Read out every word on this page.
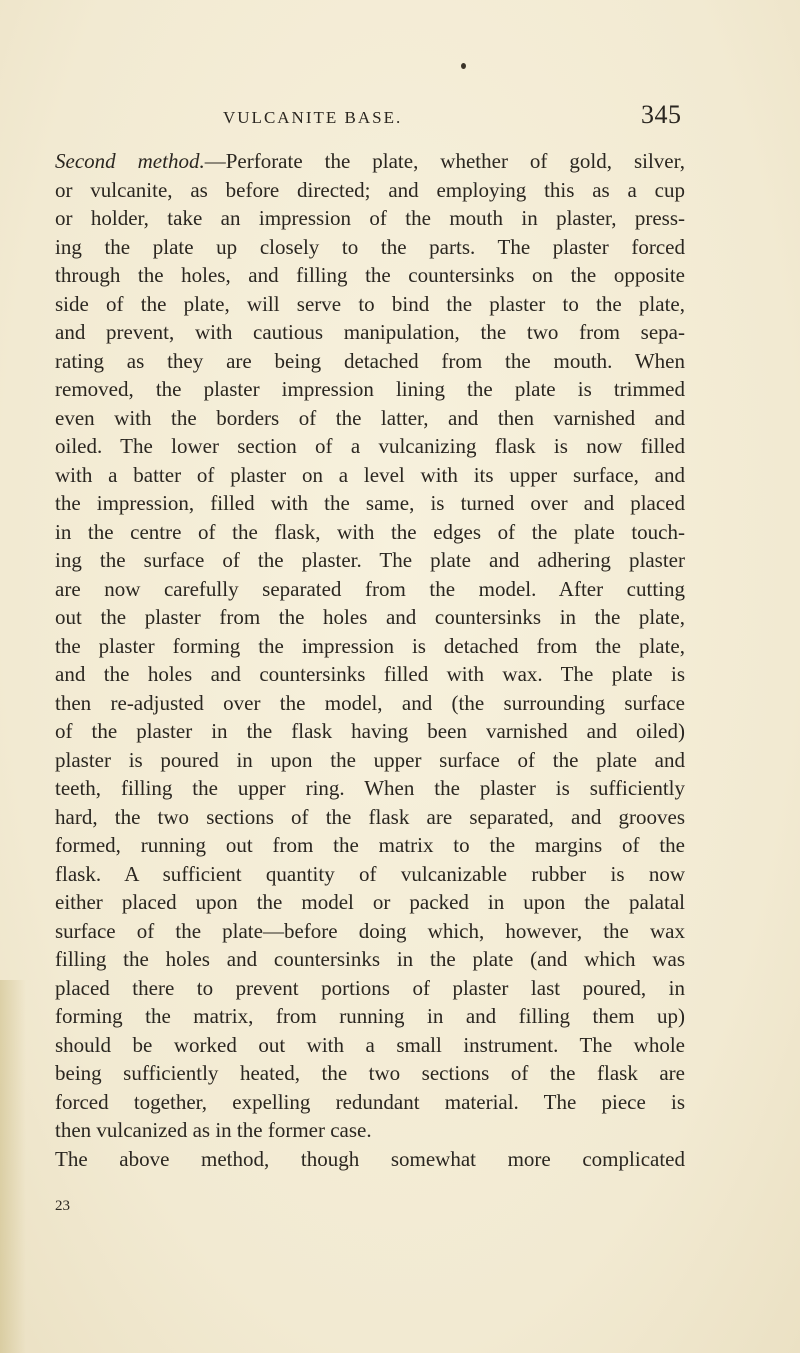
VULCANITE BASE.	345
Second method.—Perforate the plate, whether of gold, silver,
or vulcanite, as before directed; and employing this as a cup
or holder, take an impression of the mouth in plaster, press-
ing the plate up closely to the parts. The plaster forced
through the holes, and filling the countersinks on the opposite
side of the plate, will serve to bind the plaster to the plate,
and prevent, with cautious manipulation, the two from sepa-
rating as they are being detached from the mouth. When
removed, the plaster impression lining the plate is trimmed
even with the borders of the latter, and then varnished and
oiled. The lower section of a vulcanizing flask is now filled
with a batter of plaster on a level with its upper surface, and
the impression, filled with the same, is turned over and placed
in the centre of the flask, with the edges of the plate touch-
ing the surface of the plaster. The plate and adhering plaster
are now carefully separated from the model. After cutting
out the plaster from the holes and countersinks in the plate,
the plaster forming the impression is detached from the plate,
and the holes and countersinks filled with wax. The plate is
then re-adjusted over the model, and (the surrounding surface
of the plaster in the flask having been varnished and oiled)
plaster is poured in upon the upper surface of the plate and
teeth, filling the upper ring. When the plaster is sufficiently
hard, the two sections of the flask are separated, and grooves
formed, running out from the matrix to the margins of the
flask. A sufficient quantity of vulcanizable rubber is now
either placed upon the model or packed in upon the palatal
surface of the plate—before doing which, however, the wax
filling the holes and countersinks in the plate (and which was
placed there to prevent portions of plaster last poured, in
forming the matrix, from running in and filling them up)
should be worked out with a small instrument. The whole
being sufficiently heated, the two sections of the flask are
forced together, expelling redundant material. The piece is
then vulcanized as in the former case.
The above method, though somewhat more complicated
23
